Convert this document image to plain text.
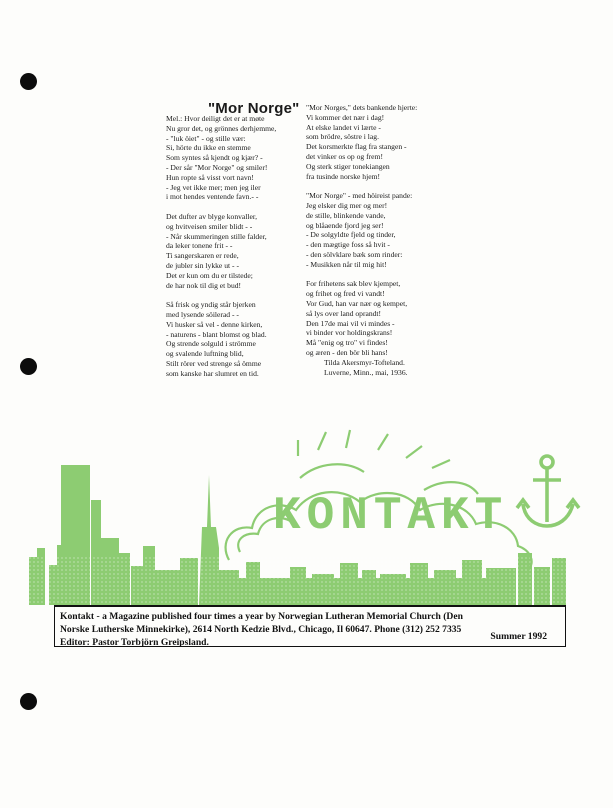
"Mor Norge"
Mel.: Hvor deiligt det er at møte
Nu gror det, og grönnes derhjemme,
- "luk öiet" - og stille vær:
Si, hörte du ikke en stemme
Som syntes så kjendt og kjær? -
- Der sår "Mor Norge" og smiler!
Hun ropte så visst vort navn!
- Jeg vet ikke mer; men jeg iler
i mot hendes ventende favn.- -
Det dufter av blyge konvaller,
og hvitveisen smiler blidt - -
- Når skummeringen stille falder,
da leker tonene frit - -
Ti sangerskaren er rede,
de jubler sin lykke ut - -
Det er kun om du er tilstede;
de har nok til dig et bud!
Så frisk og yndig står bjerken
med lysende söilerad - -
Vi husker så vel - denne kirken,
- naturens - blant blomst og blad.
Og strende solguld i strömme
og svalende luftning blid,
Stilt rörer ved strenge så ömme
som kanske har slumret en tid.
"Mor Norges," dets bankende hjerte:
Vi kommer det nær i dag!
At elske landet vi lærte -
som brödre, söstre i lag.
Det korsmerkte flag fra stangen -
det vinker os op og frem!
Og sterk stiger tonekiangen
fra tusinde norske hjem!
"Mor Norge" - med höireist pande:
Jeg elsker dig mer og mer!
de stille, blinkende vande,
og blåaende fjord jeg ser!
- De solgyldte fjeld og tinder,
- den mægtige foss så hvit -
- den sölvklare bæk som rinder:
- Musikken når til mig hit!
For frihetens sak blev kjempet,
og frihet og fred vi vandt!
Vor Gud, han var nær og kempet,
så lys over land oprandt!
Den 17de mai vil vi mindes -
vi binder vor holdingskrans!
Må "enig og tro" vi findes!
og æren - den bör bli hans!
Tilda Akersmyr-Tofteland.
Luverne, Minn., mai, 1936.
KONTAKT
Kontakt - a Magazine published four times a year by Norwegian Lutheran Memorial Church (Den
Norske Lutherske Minnekirke), 2614 North Kedzie Blvd., Chicago, Il 60647. Phone (312) 252 7335
Editor: Pastor Torbjörn Greipsland.
Summer 1992
